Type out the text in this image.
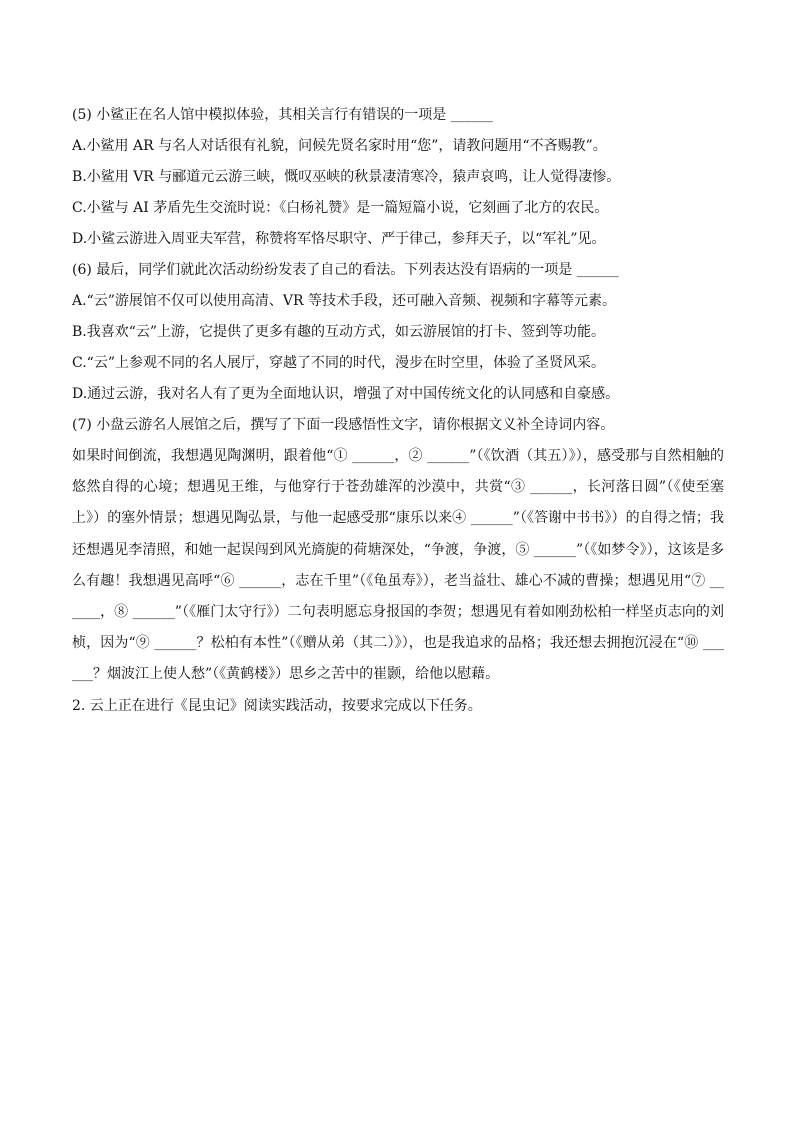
(5) 小鲨正在名人馆中模拟体验，其相关言行有错误的一项是 ______
A.小鲨用 AR 与名人对话很有礼貌，问候先贤名家时用“您”，请教问题用“不吝赐教”。
B.小鲨用 VR 与郦道元云游三峡，慨叹巫峡的秋景凄清寒冷，猿声哀鸣，让人觉得凄惨。
C.小鲨与 AI 茅盾先生交流时说：《白杨礼赞》是一篇短篇小说，它刻画了北方的农民。
D.小鲨云游进入周亚夫军营，称赞将军恪尽职守、严于律己，参拜天子，以“军礼”见。
(6) 最后，同学们就此次活动纷纷发表了自己的看法。下列表达没有语病的一项是 ______
A.“云”游展馆不仅可以使用高清、VR 等技术手段，还可融入音频、视频和字幕等元素。
B.我喜欢“云”上游，它提供了更多有趣的互动方式，如云游展馆的打卡、签到等功能。
C.“云”上参观不同的名人展厅，穿越了不同的时代，漫步在时空里，体验了圣贤风采。
D.通过云游，我对名人有了更为全面地认识，增强了对中国传统文化的认同感和自豪感。
(7) 小盘云游名人展馆之后，撰写了下面一段感悟性文字，请你根据文义补全诗词内容。
如果时间倒流，我想遇见陶渊明，跟着他“① ______，② ______”（《饮酒（其五）》），感受那与自然相触的悠然自得的心境；想遇见王维，与他穿行于苍劲雄浑的沙漠中，共赏“③ ______，长河落日圆”（《使至塞上》）的塞外情景；想遇见陶弘景，与他一起感受那“康乐以来④ ______”（《答谢中书书》）的自得之情；我还想遇见李清照，和她一起误闯到风光旖旎的荷塘深处，“争渡，争渡，⑤ ______”（《如梦令》），这该是多么有趣！我想遇见高呼“⑥ ______，志在千里”（《龟虽寿》），老当益壮、雄心不减的曹操；想遇见用“⑦ ______，⑧ ______”（《雁门太守行》）二句表明愿忘身报国的李贺；想遇见有着如刚劲松柏一样坚贞志向的刘桢，因为“⑨ ______？松柏有本性”（《赠从弟（其二）》），也是我追求的品格；我还想去拥抱沉浸在“⑩ ______？烟波江上使人愁”（《黄鹤楼》）思乡之苦中的崔颢，给他以慰藉。
2. 云上正在进行《昆虫记》阅读实践活动，按要求完成以下任务。
